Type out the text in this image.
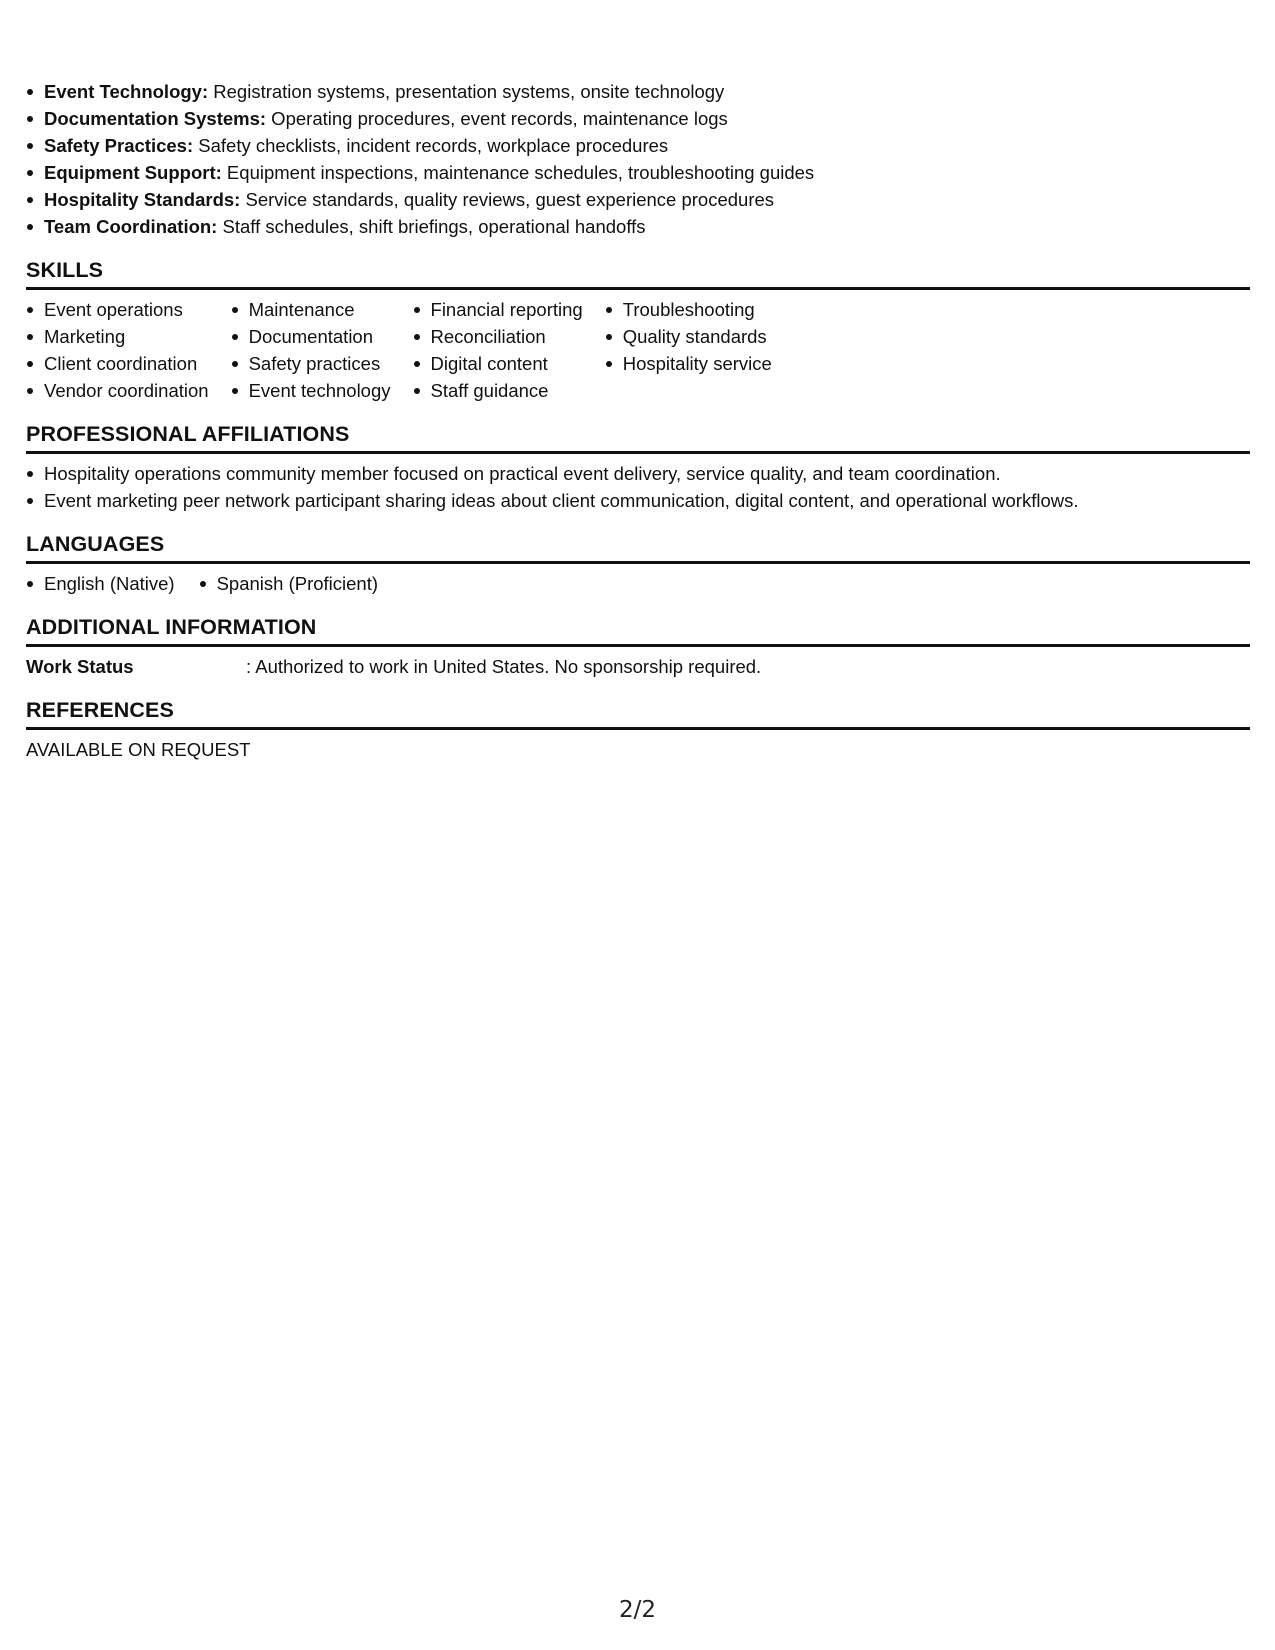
Event Technology: Registration systems, presentation systems, onsite technology
Documentation Systems: Operating procedures, event records, maintenance logs
Safety Practices: Safety checklists, incident records, workplace procedures
Equipment Support: Equipment inspections, maintenance schedules, troubleshooting guides
Hospitality Standards: Service standards, quality reviews, guest experience procedures
Team Coordination: Staff schedules, shift briefings, operational handoffs
SKILLS
Event operations
Marketing
Client coordination
Vendor coordination
Maintenance
Documentation
Safety practices
Event technology
Financial reporting
Reconciliation
Digital content
Staff guidance
Troubleshooting
Quality standards
Hospitality service
PROFESSIONAL AFFILIATIONS
Hospitality operations community member focused on practical event delivery, service quality, and team coordination.
Event marketing peer network participant sharing ideas about client communication, digital content, and operational workflows.
LANGUAGES
English (Native)	Spanish (Proficient)
ADDITIONAL INFORMATION
Work Status	: Authorized to work in United States. No sponsorship required.
REFERENCES
AVAILABLE ON REQUEST
2/2
